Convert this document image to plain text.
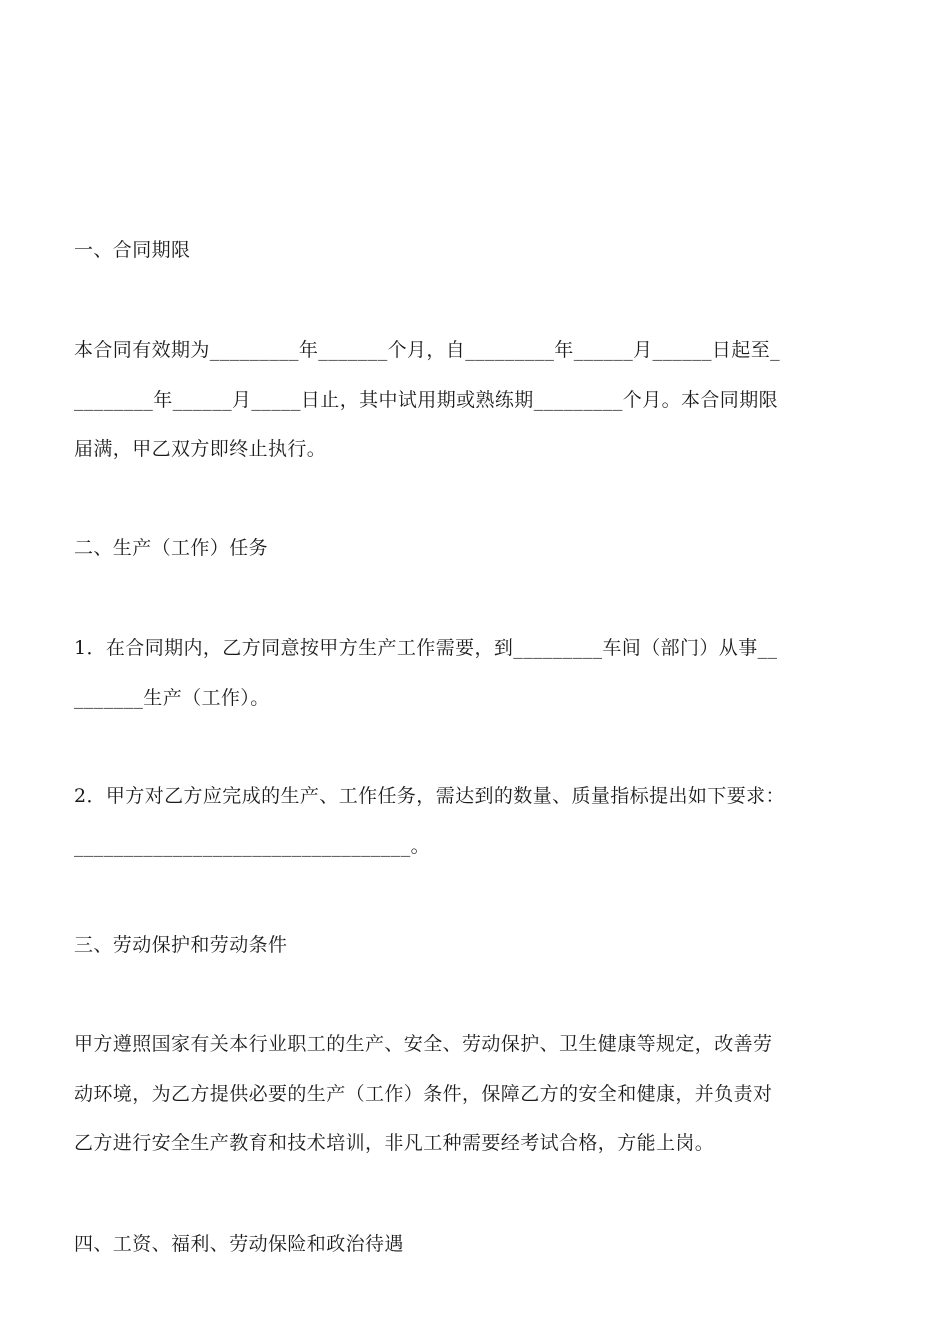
一、合同期限

本合同有效期为_________年_______个月，自_________年______月______日起至_
________年______月_____日止，其中试用期或熟练期_________个月。本合同期限
届满，甲乙双方即终止执行。

二、生产（工作）任务

1．在合同期内，乙方同意按甲方生产工作需要，到_________车间（部门）从事__
_______生产（工作）。

2．甲方对乙方应完成的生产、工作任务，需达到的数量、质量指标提出如下要求：
__________________________________。

三、劳动保护和劳动条件

甲方遵照国家有关本行业职工的生产、安全、劳动保护、卫生健康等规定，改善劳
动环境，为乙方提供必要的生产（工作）条件，保障乙方的安全和健康，并负责对
乙方进行安全生产教育和技术培训，非凡工种需要经考试合格，方能上岗。

四、工资、福利、劳动保险和政治待遇
